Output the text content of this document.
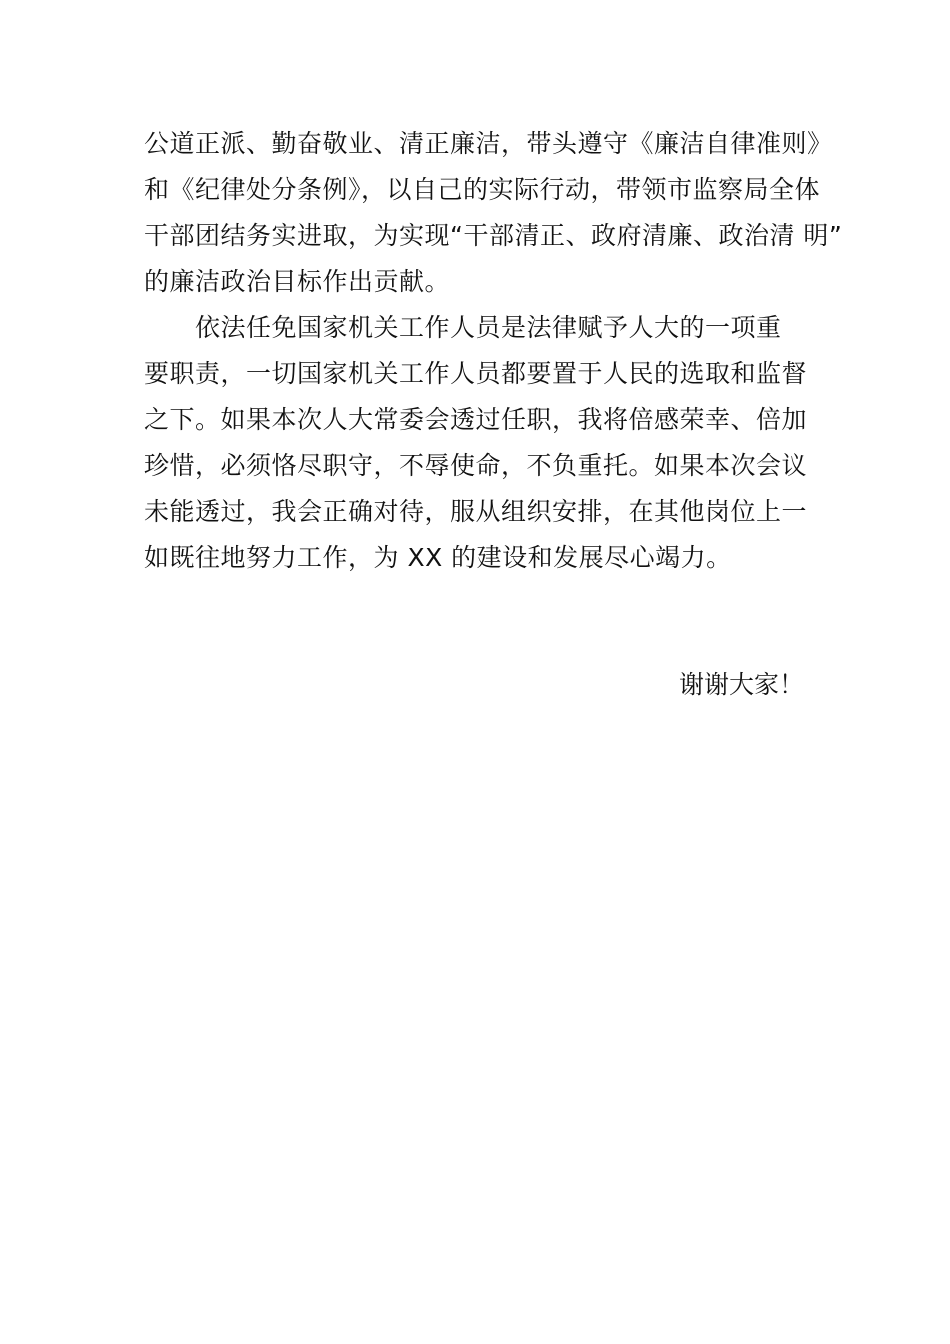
公道正派、勤奋敬业、清正廉洁，带头遵守《廉洁自律准则》
和《纪律处分条例》，以自己的实际行动，带领市监察局全体
干部团结务实进取，为实现“干部清正、政府清廉、政治清 明”
的廉洁政治目标作出贡献。
　　依法任免国家机关工作人员是法律赋予人大的一项重
要职责，一切国家机关工作人员都要置于人民的选取和监督
之下。如果本次人大常委会透过任职，我将倍感荣幸、倍加
珍惜，必须恪尽职守，不辱使命，不负重托。如果本次会议
未能透过，我会正确对待，服从组织安排，在其他岗位上一
如既往地努力工作，为 XX 的建设和发展尽心竭力。
谢谢大家！
